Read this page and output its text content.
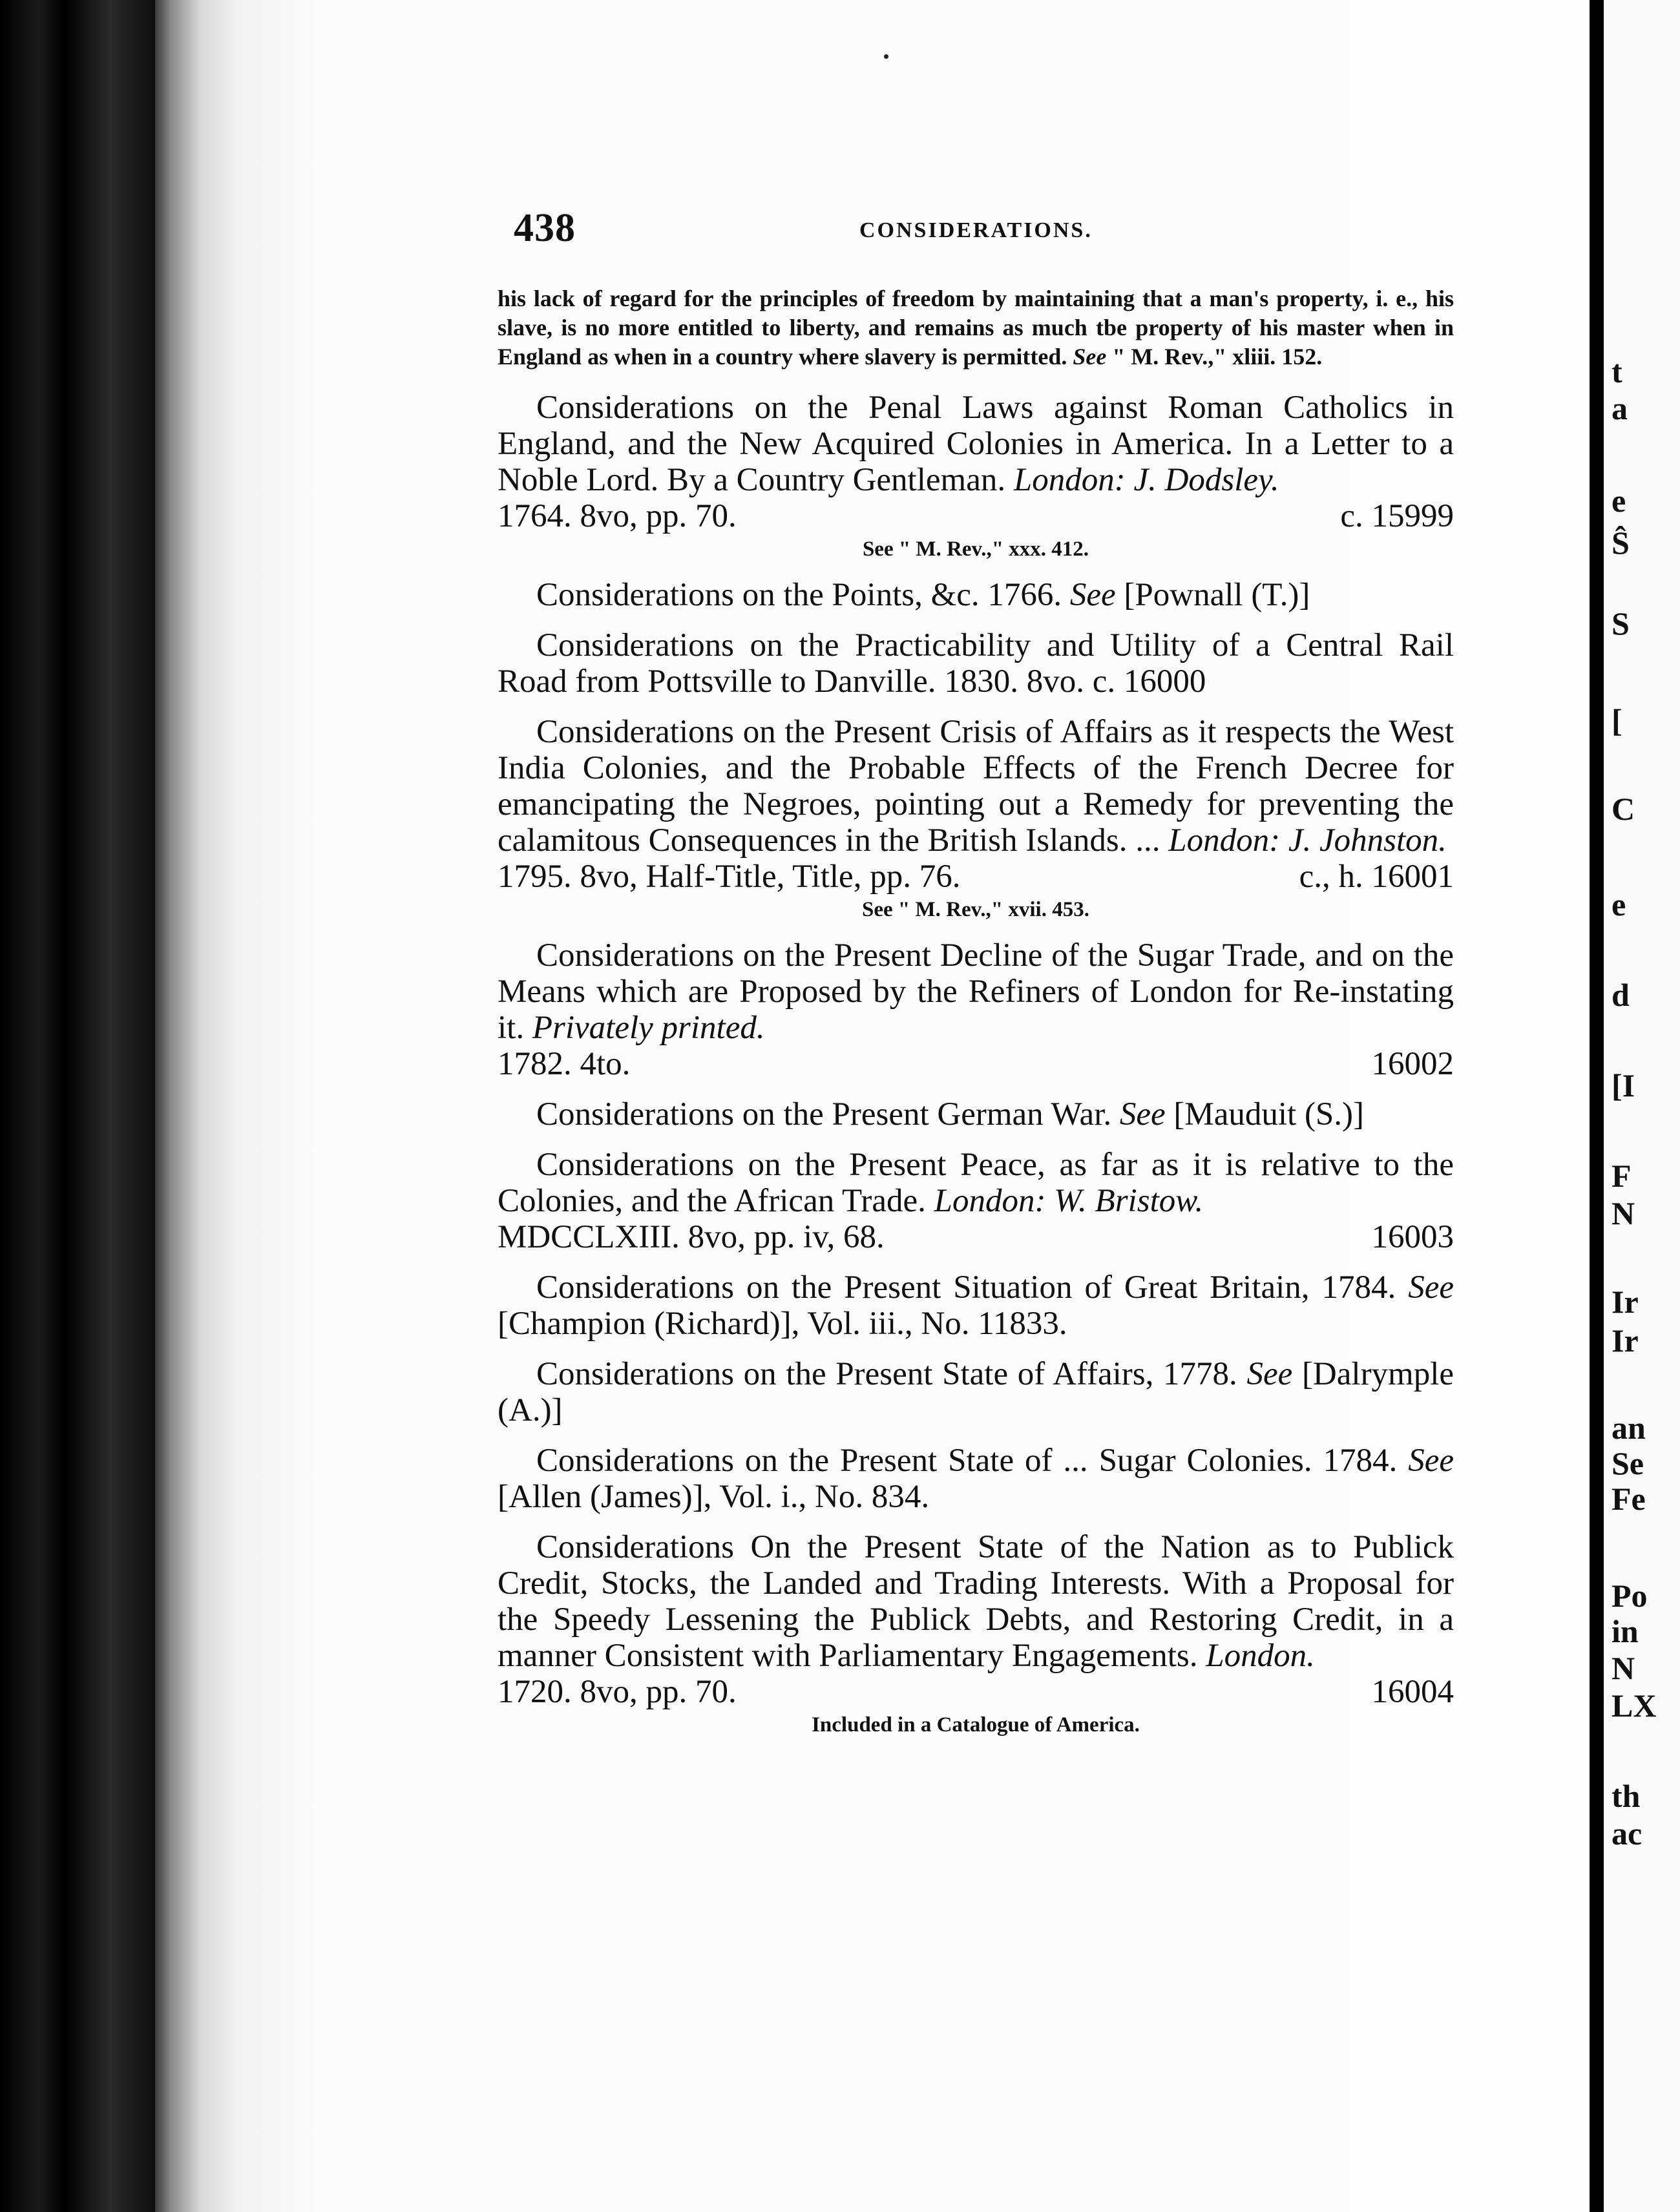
t
a
e
Ŝ
S
[
C
e
d
[I
F
N
Ir
Ir
an
Se
Fe
Po
in
N
LX
th
ac
438	CONSIDERATIONS.

his lack of regard for the principles of freedom by maintaining that a man's property, i. e., his slave, is no more entitled to liberty, and remains as much tbe property of his master when in England as when in a country where slavery is permitted. See " M. Rev.," xliii. 152.

Considerations on the Penal Laws against Roman Catholics in England, and the New Acquired Colonies in America. In a Letter to a Noble Lord. By a Country Gentleman. London: J. Dodsley.

1764. 8vo, pp. 70.	c. 15999

See " M. Rev.," xxx. 412.

Considerations on the Points, &c. 1766. See [Pownall (T.)]

Considerations on the Practicability and Utility of a Central Rail Road from Pottsville to Danville. 1830. 8vo. c. 16000

Considerations on the Present Crisis of Affairs as it respects the West India Colonies, and the Probable Effects of the French Decree for emancipating the Negroes, pointing out a Remedy for preventing the calamitous Consequences in the British Islands. ... London: J. Johnston.

1795. 8vo, Half-Title, Title, pp. 76.	c., h. 16001

See " M. Rev.," xvii. 453.

Considerations on the Present Decline of the Sugar Trade, and on the Means which are Proposed by the Refiners of London for Re-instating it. Privately printed.

1782. 4to.	16002

Considerations on the Present German War. See [Mauduit (S.)]

Considerations on the Present Peace, as far as it is relative to the Colonies, and the African Trade. London: W. Bristow.

MDCCLXIII. 8vo, pp. iv, 68.	16003

Considerations on the Present Situation of Great Britain, 1784. See [Champion (Richard)], Vol. iii., No. 11833.

Considerations on the Present State of Affairs, 1778. See [Dalrymple (A.)]

Considerations on the Present State of ... Sugar Colonies. 1784. See [Allen (James)], Vol. i., No. 834.

Considerations On the Present State of the Nation as to Publick Credit, Stocks, the Landed and Trading Interests. With a Proposal for the Speedy Lessening the Publick Debts, and Restoring Credit, in a manner Consistent with Parliamentary Engagements. London.

1720. 8vo, pp. 70.	16004

Included in a Catalogue of America.
